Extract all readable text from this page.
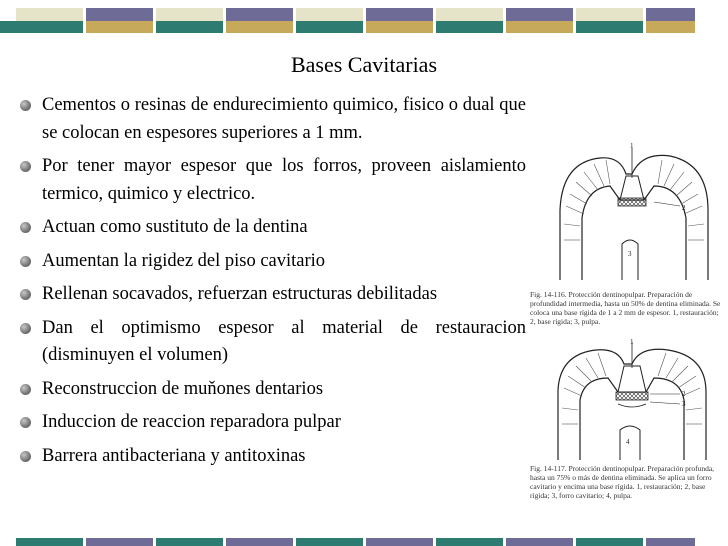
Bases Cavitarias
Cementos o resinas de endurecimiento quimico, fisico o dual que se colocan en espesores superiores a 1 mm.
Por tener mayor espesor que los forros, proveen aislamiento termico, quimico y electrico.
Actuan como sustituto de la dentina
Aumentan la rigidez del piso cavitario
Rellenan socavados, refuerzan estructuras debilitadas
Dan el optimismo espesor al material de restauracion (disminuyen el volumen)
Reconstruccion de muňones dentarios
Induccion de reaccion reparadora pulpar
Barrera antibacteriana y antitoxinas
1
2
3
Fig. 14-116. Protección dentinopulpar. Preparación de profundidad intermedia, hasta un 50% de dentina eliminada. Se coloca una base rígida de 1 a 2 mm de espesor. 1, restauración; 2, base rígida; 3, pulpa.
1
2
3
4
Fig. 14-117. Protección dentinopulpar. Preparación profunda, hasta un 75% o más de dentina eliminada. Se aplica un forro cavitario y encima una base rígida. 1, restauración; 2, base rígida; 3, forro cavitario; 4, pulpa.
